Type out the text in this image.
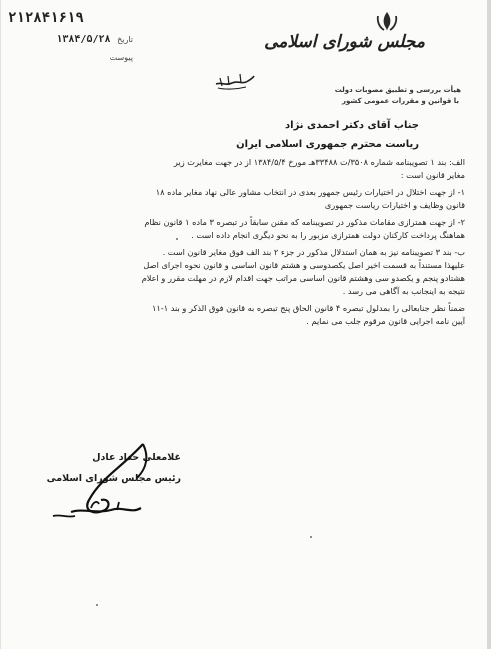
۲۱۲۸۴۱۶۱۹
تاریخ ۱۳۸۴/۵/۲۸
پیوست
مجلس شورای اسلامی
هیأت بررسی و تطبیق مصوبات دولت
با قوانین و مقررات عمومی کشور
جناب آقای دکتر احمدی نژاد
ریاست محترم جمهوری اسلامی ایران

الف: بند ۱ تصویبنامه شماره ۳۵۰۸/ت ۳۳۴۸۸هـ مورخ ۱۳۸۴/۵/۴ از در جهت مغایرت زیر

مغایر قانون است :

۱- از جهت اختلال در اختیارات رئیس جمهور بعدی در انتخاب مشاور عالی نهاد مغایر ماده ۱۸

قانون وظایف و اختیارات ریاست جمهوری

۲- از جهت همترازی مقامات مذکور در تصویبنامه که مقنن سابقاً در تبصره ۳ ماده ۱ قانون نظام

هماهنگ پرداخت کارکنان دولت همترازی مزبور را به نحو دیگری انجام داده است .

ب- بند ۳ تصویبنامه نیز به همان استدلال مذکور در جزء ۲ بند الف فوق مغایر قانون است .

علیهذا مستنداً به قسمت اخیر اصل یکصدوسی و هشتم قانون اساسی و قانون نحوه اجرای اصل

هشتادو پنجم و یکصدو سی وهشتم قانون اساسی مراتب جهت اقدام لازم در مهلت مقرر و اعلام

نتیجه به اینجانب به آگاهی می رسد .

ضمناً نظر جنابعالی را بمدلول تبصره ۴ قانون الحاق پنج تبصره به قانون فوق الذکر و بند ۱-۱۱

آیین نامه اجرایی قانون مرقوم جلب می نمایم .

غلامعلی حداد عادل
رئیس مجلس شورای اسلامی
